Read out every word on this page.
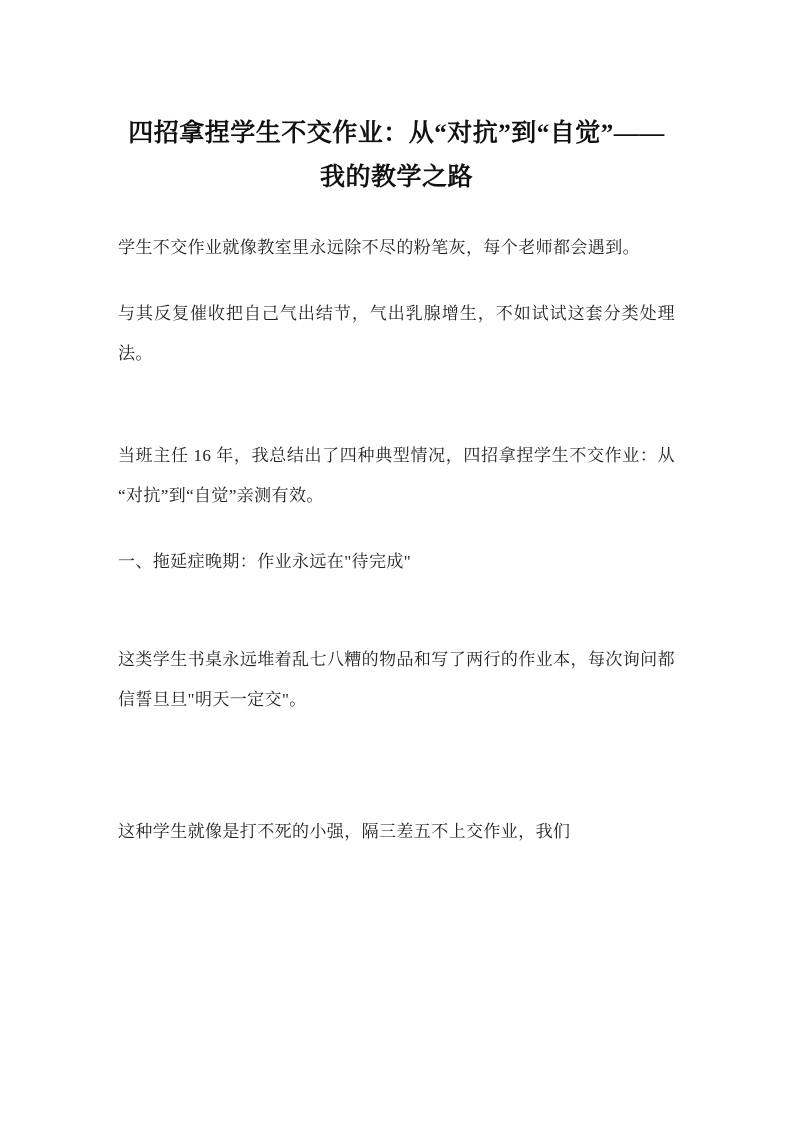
四招拿捏学生不交作业：从“对抗”到“自觉”——我的教学之路

学生不交作业就像教室里永远除不尽的粉笔灰，每个老师都会遇到。

与其反复催收把自己气出结节，气出乳腺增生，不如试试这套分类处理法。

当班主任 16 年，我总结出了四种典型情况，四招拿捏学生不交作业：从“对抗”到“自觉”亲测有效。

一、拖延症晚期：作业永远在"待完成"

这类学生书桌永远堆着乱七八糟的物品和写了两行的作业本，每次询问都信誓旦旦"明天一定交"。

这种学生就像是打不死的小强，隔三差五不上交作业，我们
